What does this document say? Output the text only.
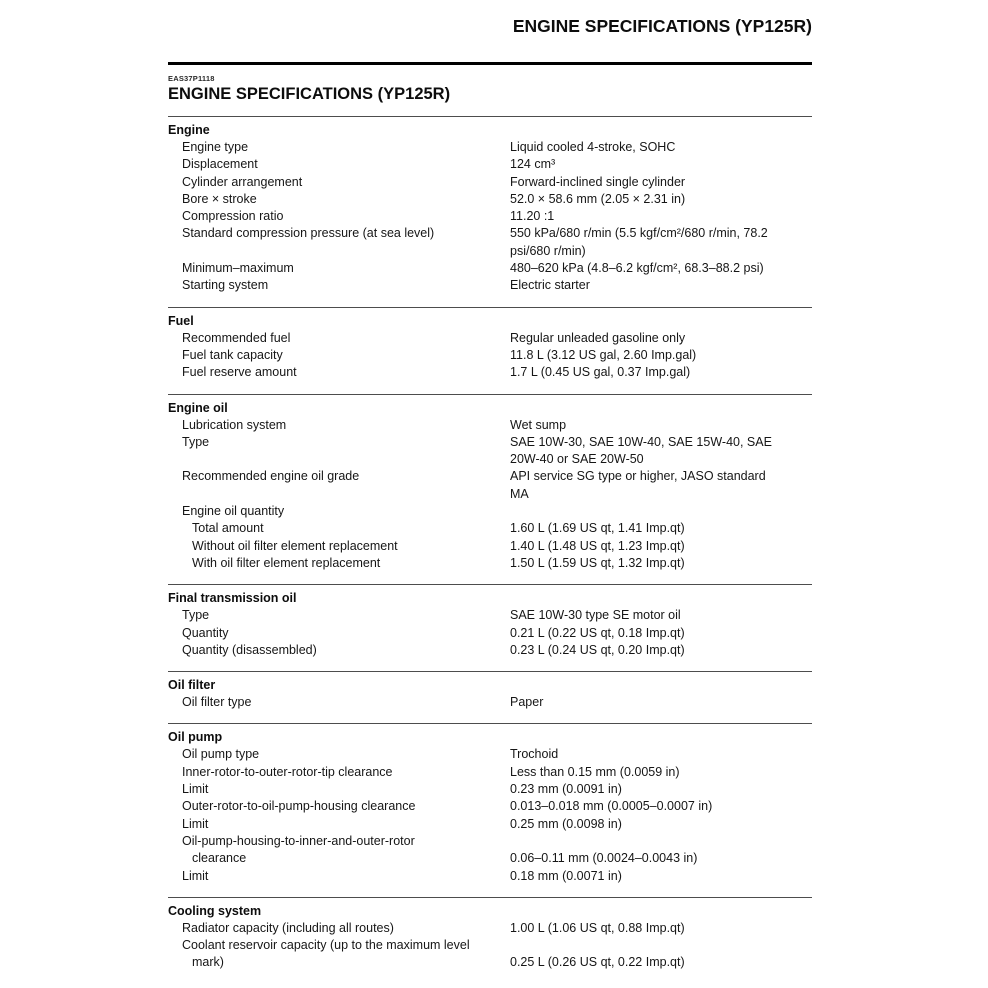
ENGINE SPECIFICATIONS (YP125R)
EAS37P1118
ENGINE SPECIFICATIONS (YP125R)
Engine
Engine type	Liquid cooled 4-stroke, SOHC
Displacement	124 cm³
Cylinder arrangement	Forward-inclined single cylinder
Bore × stroke	52.0 × 58.6 mm (2.05 × 2.31 in)
Compression ratio	11.20 :1
Standard compression pressure (at sea level)	550 kPa/680 r/min (5.5 kgf/cm²/680 r/min, 78.2 psi/680 r/min)
Minimum–maximum	480–620 kPa (4.8–6.2 kgf/cm², 68.3–88.2 psi)
Starting system	Electric starter
Fuel
Recommended fuel	Regular unleaded gasoline only
Fuel tank capacity	11.8 L (3.12 US gal, 2.60 Imp.gal)
Fuel reserve amount	1.7 L (0.45 US gal, 0.37 Imp.gal)
Engine oil
Lubrication system	Wet sump
Type	SAE 10W-30, SAE 10W-40, SAE 15W-40, SAE 20W-40 or SAE 20W-50
Recommended engine oil grade	API service SG type or higher, JASO standard MA
Engine oil quantity
Total amount	1.60 L (1.69 US qt, 1.41 Imp.qt)
Without oil filter element replacement	1.40 L (1.48 US qt, 1.23 Imp.qt)
With oil filter element replacement	1.50 L (1.59 US qt, 1.32 Imp.qt)
Final transmission oil
Type	SAE 10W-30 type SE motor oil
Quantity	0.21 L (0.22 US qt, 0.18 Imp.qt)
Quantity (disassembled)	0.23 L (0.24 US qt, 0.20 Imp.qt)
Oil filter
Oil filter type	Paper
Oil pump
Oil pump type	Trochoid
Inner-rotor-to-outer-rotor-tip clearance	Less than 0.15 mm (0.0059 in)
Limit	0.23 mm (0.0091 in)
Outer-rotor-to-oil-pump-housing clearance	0.013–0.018 mm (0.0005–0.0007 in)
Limit	0.25 mm (0.0098 in)
Oil-pump-housing-to-inner-and-outer-rotor
clearance	0.06–0.11 mm (0.0024–0.0043 in)
Limit	0.18 mm (0.0071 in)
Cooling system
Radiator capacity (including all routes)	1.00 L (1.06 US qt, 0.88 Imp.qt)
Coolant reservoir capacity (up to the maximum level
mark)	0.25 L (0.26 US qt, 0.22 Imp.qt)
